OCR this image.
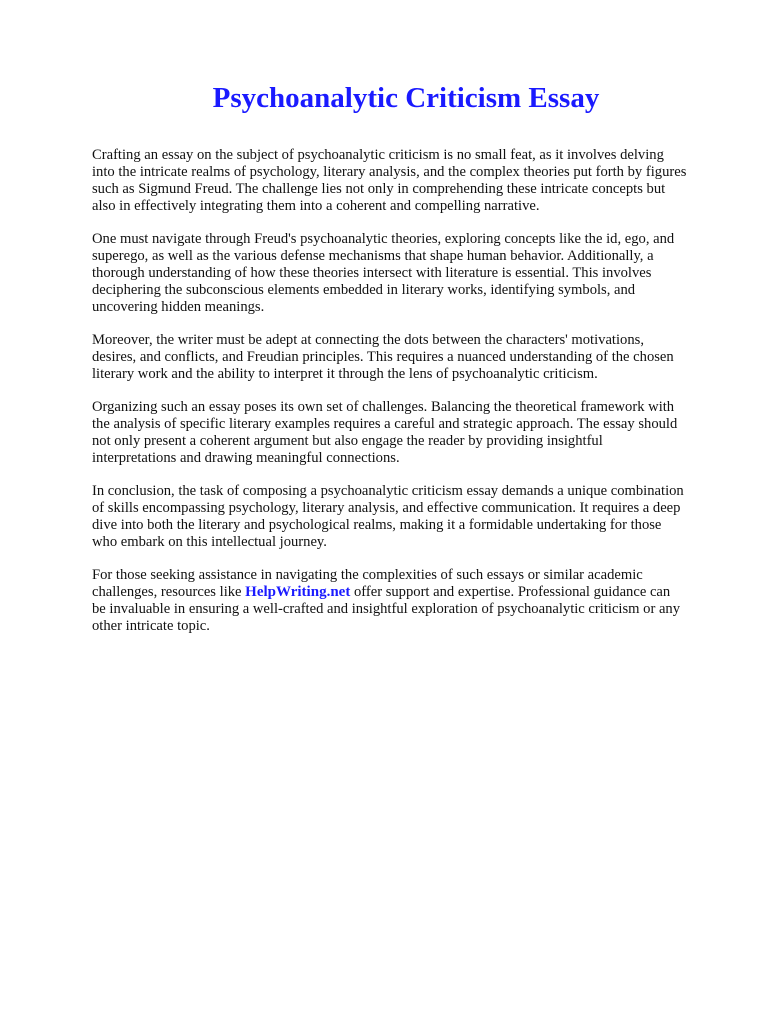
Psychoanalytic Criticism Essay

Crafting an essay on the subject of psychoanalytic criticism is no small feat, as it involves delving
into the intricate realms of psychology, literary analysis, and the complex theories put forth by figures
such as Sigmund Freud. The challenge lies not only in comprehending these intricate concepts but
also in effectively integrating them into a coherent and compelling narrative.

One must navigate through Freud's psychoanalytic theories, exploring concepts like the id, ego, and
superego, as well as the various defense mechanisms that shape human behavior. Additionally, a
thorough understanding of how these theories intersect with literature is essential. This involves
deciphering the subconscious elements embedded in literary works, identifying symbols, and
uncovering hidden meanings.

Moreover, the writer must be adept at connecting the dots between the characters' motivations,
desires, and conflicts, and Freudian principles. This requires a nuanced understanding of the chosen
literary work and the ability to interpret it through the lens of psychoanalytic criticism.

Organizing such an essay poses its own set of challenges. Balancing the theoretical framework with
the analysis of specific literary examples requires a careful and strategic approach. The essay should
not only present a coherent argument but also engage the reader by providing insightful
interpretations and drawing meaningful connections.

In conclusion, the task of composing a psychoanalytic criticism essay demands a unique combination
of skills encompassing psychology, literary analysis, and effective communication. It requires a deep
dive into both the literary and psychological realms, making it a formidable undertaking for those
who embark on this intellectual journey.

For those seeking assistance in navigating the complexities of such essays or similar academic
challenges, resources like HelpWriting.net offer support and expertise. Professional guidance can
be invaluable in ensuring a well-crafted and insightful exploration of psychoanalytic criticism or any
other intricate topic.
